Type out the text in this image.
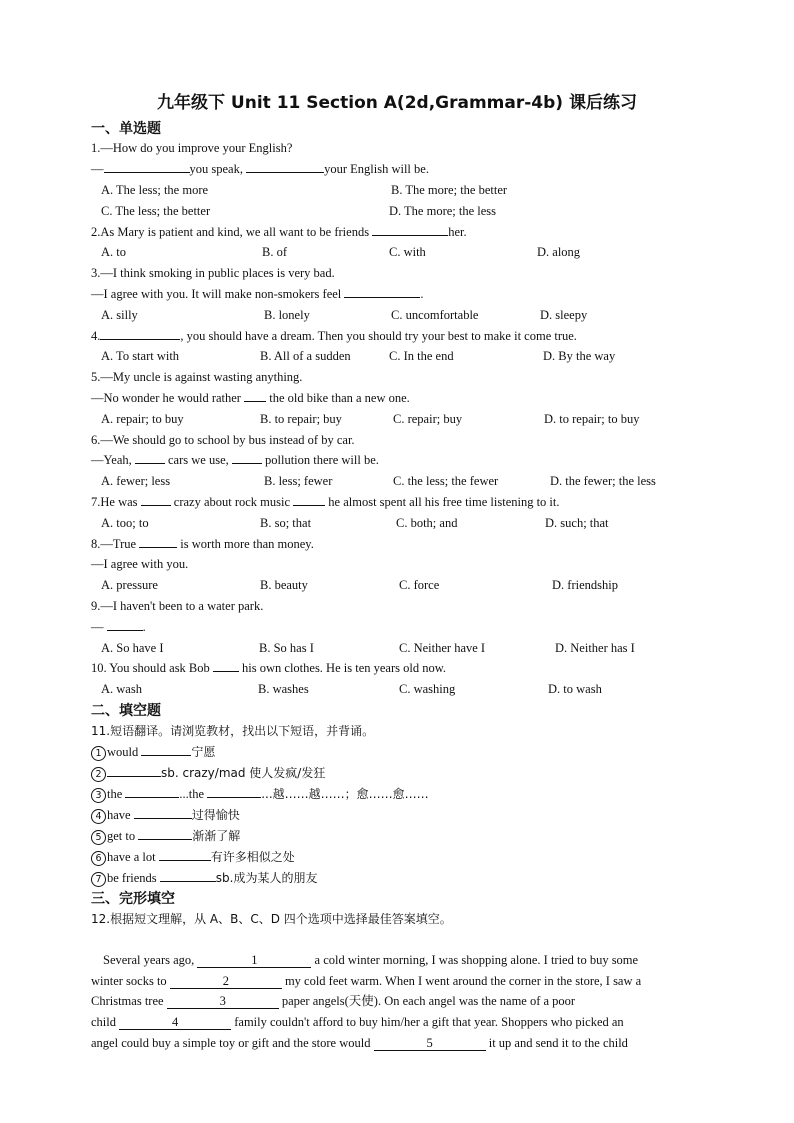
九年级下 Unit 11 Section A(2d,Grammar-4b) 课后练习
一、单选题
1.—How do you improve your English?
—	you speak,	your English will be.
A. The less; the more	B. The more; the better
C. The less; the better	D. The more; the less
2.As Mary is patient and kind, we all want to be friends	her.
A. to	B. of	C. with	D. along
3.—I think smoking in public places is very bad.
—I agree with you. It will make non-smokers feel	.
A. silly	B. lonely	C. uncomfortable	D. sleepy
4.	, you should have a dream. Then you should try your best to make it come true.
A. To start with	B. All of a sudden	C. In the end	D. By the way
5.—My uncle is against wasting anything.
—No wonder he would rather  the old bike than a new one.
A. repair; to buy	B. to repair; buy	C. repair; buy	D. to repair; to buy
6.—We should go to school by bus instead of by car.
—Yeah,  cars we use,  pollution there will be.
A. fewer; less	B. less; fewer	C. the less; the fewer	D. the fewer; the less
7.He was  crazy about rock music	he almost spent all his free time listening to it.
A. too; to	B. so; that	C. both; and	D. such; that
8.—True	is worth more than money.
—I agree with you.
A. pressure	B. beauty	C. force	D. friendship
9.—I haven't been to a water park.
—	.
A. So have I	B. So has I	C. Neither have I	D. Neither has I
10. You should ask Bob  his own clothes. He is ten years old now.
A. wash	B. washes	C. washing	D. to wash
二、填空题
11.短语翻译。请浏览教材，找出以下短语，并背诵。
1 would	宁愿
2	sb. crazy/mad 使人发疯/发狂
3 the	...the	...越……越……；愈……愈……
4 have	过得愉快
5 get to	渐渐了解
6 have a lot	有许多相似之处
7 be friends	sb.成为某人的朋友
三、完形填空
12.根据短文理解，从 A、B、C、D 四个选项中选择最佳答案填空。
Several years ago,	1	a cold winter morning, I was shopping alone. I tried to buy some
winter socks to	2	my cold feet warm. When I went around the corner in the store, I saw a
Christmas tree	3	paper angels(天使). On each angel was the name of a poor
child	4	family couldn't afford to buy him/her a gift that year. Shoppers who picked an
angel could buy a simple toy or gift and the store would	5	it up and send it to the child
